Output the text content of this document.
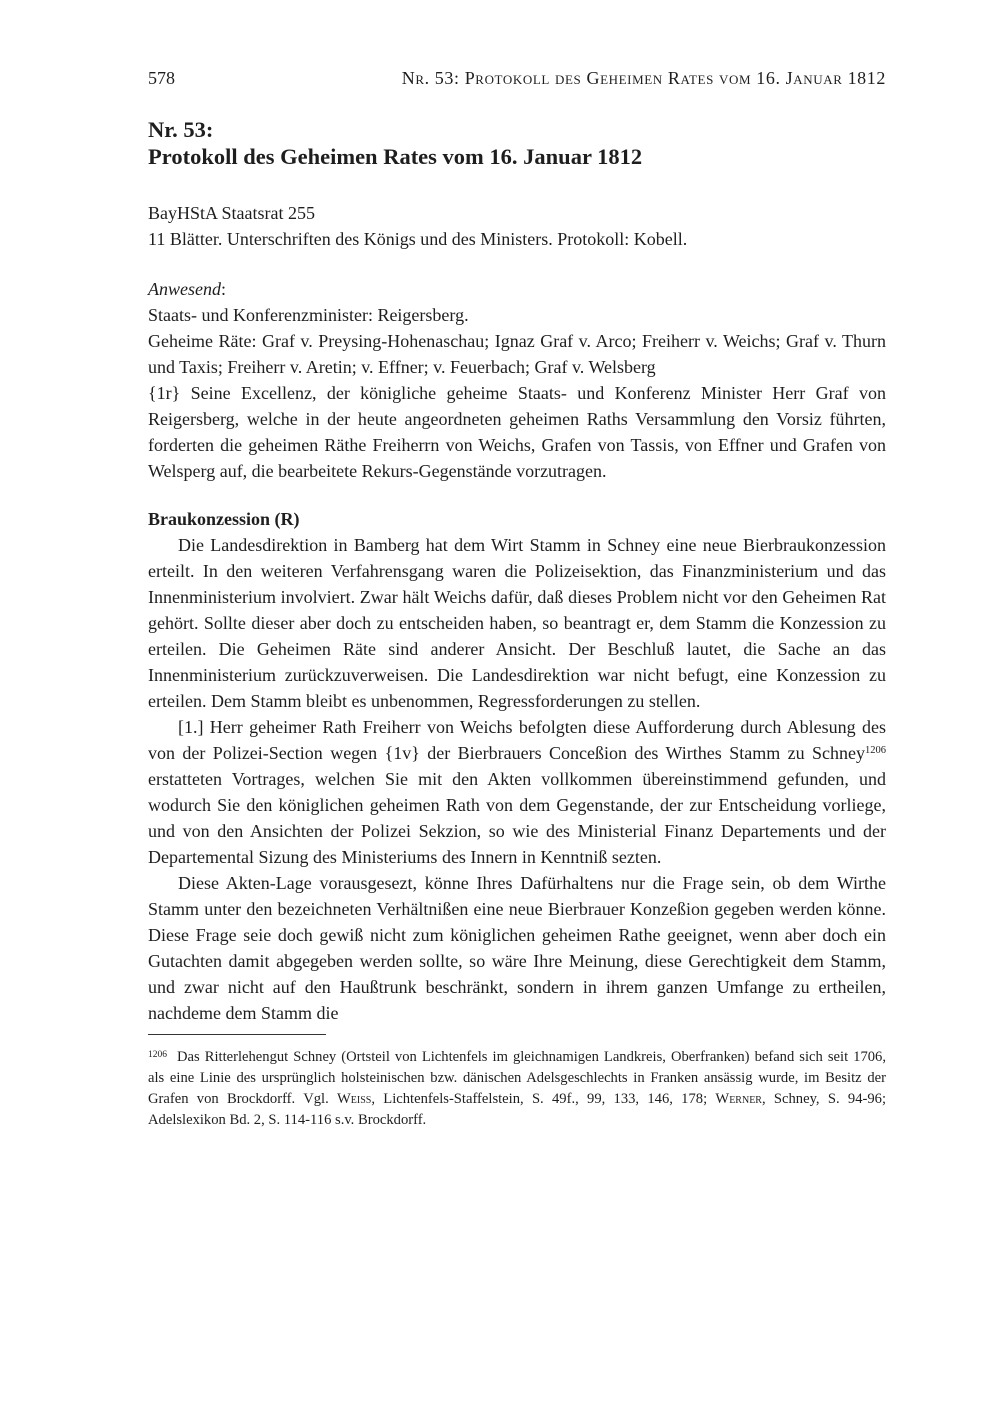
578	Nr. 53: Protokoll des Geheimen Rates vom 16. Januar 1812
Nr. 53:
Protokoll des Geheimen Rates vom 16. Januar 1812

BayHStA Staatsrat 255

11 Blätter. Unterschriften des Königs und des Ministers. Protokoll: Kobell.

Anwesend:

Staats- und Konferenzminister: Reigersberg.

Geheime Räte: Graf v. Preysing-Hohenaschau; Ignaz Graf v. Arco; Freiherr v. Weichs; Graf v. Thurn und Taxis; Freiherr v. Aretin; v. Effner; v. Feuerbach; Graf v. Welsberg

{1r} Seine Excellenz, der königliche geheime Staats- und Konferenz Minister Herr Graf von Reigersberg, welche in der heute angeordneten geheimen Raths Versammlung den Vorsiz führten, forderten die geheimen Räthe Freiherrn von Weichs, Grafen von Tassis, von Effner und Grafen von Welsperg auf, die bearbeitete Rekurs-Gegenstände vorzutragen.

Braukonzession (R)

Die Landesdirektion in Bamberg hat dem Wirt Stamm in Schney eine neue Bierbraukonzession erteilt. In den weiteren Verfahrensgang waren die Polizeisektion, das Finanzministerium und das Innenministerium involviert. Zwar hält Weichs dafür, daß dieses Problem nicht vor den Geheimen Rat gehört. Sollte dieser aber doch zu entscheiden haben, so beantragt er, dem Stamm die Konzession zu erteilen. Die Geheimen Räte sind anderer Ansicht. Der Beschluß lautet, die Sache an das Innenministerium zurückzuverweisen. Die Landesdirektion war nicht befugt, eine Konzession zu erteilen. Dem Stamm bleibt es unbenommen, Regressforderungen zu stellen.

[1.] Herr geheimer Rath Freiherr von Weichs befolgten diese Aufforderung durch Ablesung des von der Polizei-Section wegen {1v} der Bierbrauers Conceßion des Wirthes Stamm zu Schney$^{1206}$ erstatteten Vortrages, welchen Sie mit den Akten vollkommen übereinstimmend gefunden, und wodurch Sie den königlichen geheimen Rath von dem Gegenstande, der zur Entscheidung vorliege, und von den Ansichten der Polizei Sekzion, so wie des Ministerial Finanz Departements und der Departemental Sizung des Ministeriums des Innern in Kenntniß sezten.

Diese Akten-Lage vorausgesezt, könne Ihres Dafürhaltens nur die Frage sein, ob dem Wirthe Stamm unter den bezeichneten Verhältnißen eine neue Bierbrauer Konzeßion gegeben werden könne. Diese Frage seie doch gewiß nicht zum königlichen geheimen Rathe geeignet, wenn aber doch ein Gutachten damit abgegeben werden sollte, so wäre Ihre Meinung, diese Gerechtigkeit dem Stamm, und zwar nicht auf den Haußtrunk beschränkt, sondern in ihrem ganzen Umfange zu ertheilen, nachdeme dem Stamm die

$^{1206}$ Das Ritterlehengut Schney (Ortsteil von Lichtenfels im gleichnamigen Landkreis, Oberfranken) befand sich seit 1706, als eine Linie des ursprünglich holsteinischen bzw. dänischen Adelsgeschlechts in Franken ansässig wurde, im Besitz der Grafen von Brockdorff. Vgl. Weiss, Lichtenfels-Staffelstein, S. 49f., 99, 133, 146, 178; Werner, Schney, S. 94-96; Adelslexikon Bd. 2, S. 114-116 s.v. Brockdorff.
